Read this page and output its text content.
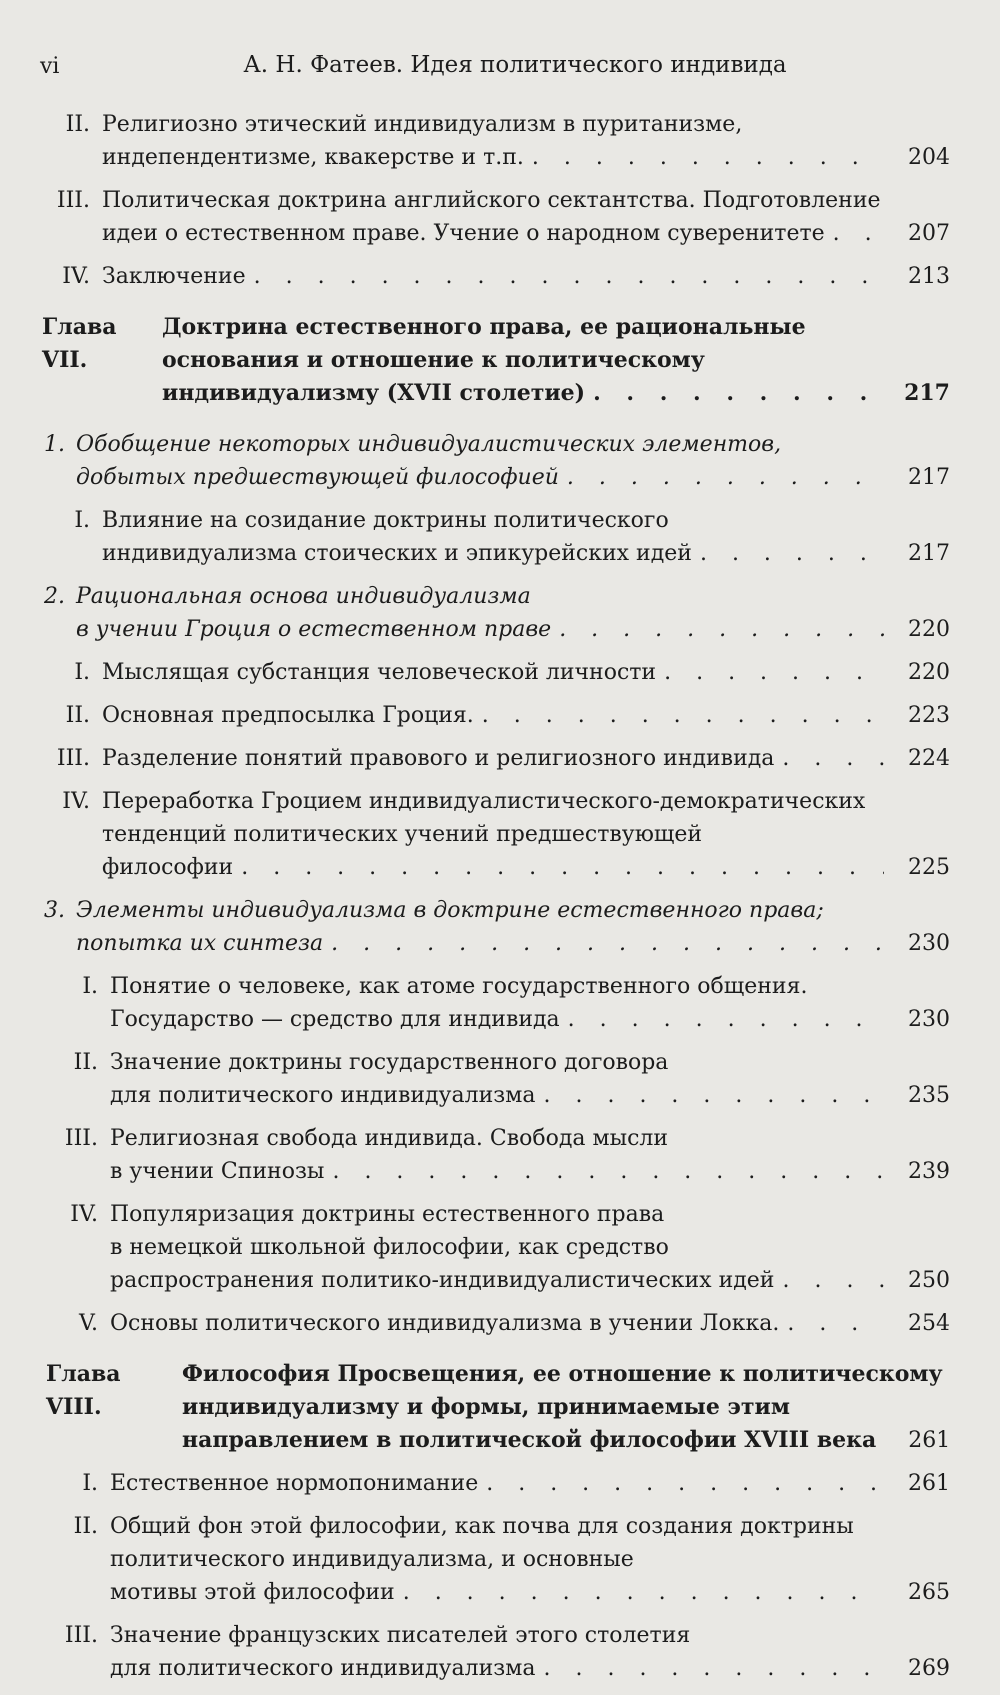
vi	А. Н. Фатеев. Идея политического индивида
II. Религиозно этический индивидуализм в пуританизме,
индепендентизме, квакерстве и т.п. . . .	204
III. Политическая доктрина английского сектантства. Подготовление
идеи о естественном праве. Учение о народном суверенитете . . .	207
IV. Заключение . . .	213
Глава VII.
Доктрина естественного права, ее рациональные
основания и отношение к политическому
индивидуализму (XVII столетие) . . .	217
1. Обобщение некоторых индивидуалистических элементов,
добытых предшествующей философией . . .	217
I. Влияние на созидание доктрины политического
индивидуализма стоических и эпикурейских идей . . .	217
2. Рациональная основа индивидуализма
в учении Гроция о естественном праве . . .	220
I. Мыслящая субстанция человеческой личности . . .	220
II. Основная предпосылка Гроция. . . .	223
III. Разделение понятий правового и религиозного индивида . . .	224
IV. Переработка Гроцием индивидуалистического-демократических
тенденций политических учений предшествующей
философии . . .	225
3. Элементы индивидуализма в доктрине естественного права;
попытка их синтеза . . .	230
I. Понятие о человеке, как атоме государственного общения.
Государство — средство для индивида . . .	230
II. Значение доктрины государственного договора
для политического индивидуализма . . .	235
III. Религиозная свобода индивида. Свобода мысли
в учении Спинозы . . .	239
IV. Популяризация доктрины естественного права
в немецкой школьной философии, как средство
распространения политико-индивидуалистических идей . . .	250
V. Основы политического индивидуализма в учении Локка. . . .	254
Глава VIII.
Философия Просвещения, ее отношение к политическому
индивидуализму и формы, принимаемые этим
направлением в политической философии XVIII века	261
I. Естественное нормопонимание . . .	261
II. Общий фон этой философии, как почва для создания доктрины
политического индивидуализма, и основные
мотивы этой философии . . .	265
III. Значение французских писателей этого столетия
для политического индивидуализма . . .	269
